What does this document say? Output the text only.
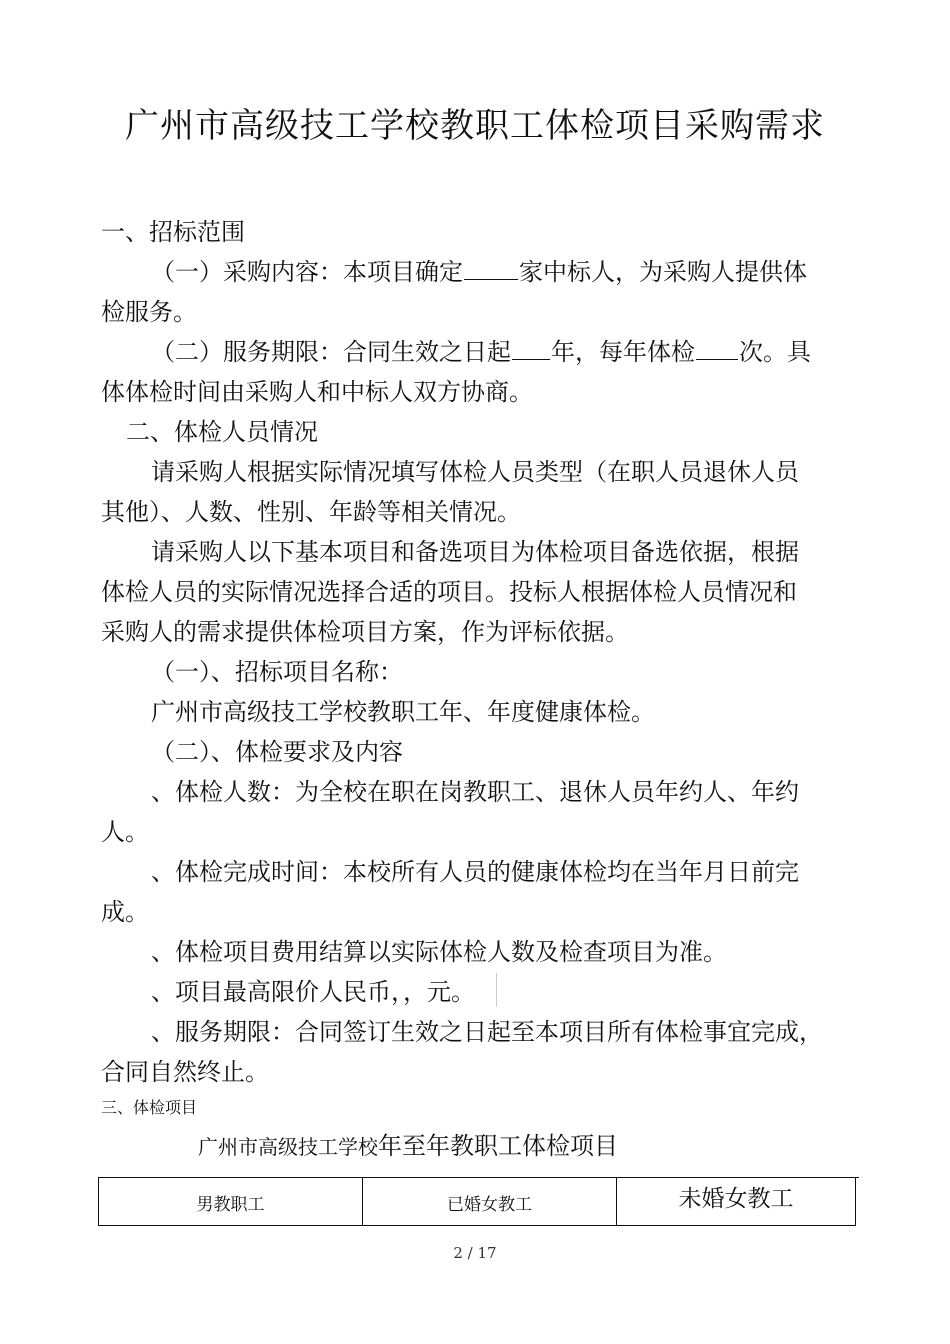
广州市高级技工学校教职工体检项目采购需求
一、招标范围
（一）采购内容：本项目确定 家中标人，为采购人提供体
检服务。
（二）服务期限：合同生效之日起 年，每年体检 次。具
体体检时间由采购人和中标人双方协商。
二、体检人员情况
请采购人根据实际情况填写体检人员类型（在职人员退休人员
其他）、人数、性别、年龄等相关情况。
请采购人以下基本项目和备选项目为体检项目备选依据，根据
体检人员的实际情况选择合适的项目。投标人根据体检人员情况和
采购人的需求提供体检项目方案，作为评标依据。
（一）、招标项目名称：
广州市高级技工学校教职工年、年度健康体检。
（二）、体检要求及内容
、体检人数：为全校在职在岗教职工、退休人员年约人、年约
人。
、体检完成时间：本校所有人员的健康体检均在当年月日前完
成。
、体检项目费用结算以实际体检人数及检查项目为准。
、项目最高限价人民币，，元。
、服务期限：合同签订生效之日起至本项目所有体检事宜完成，
合同自然终止。
三、体检项目
广州市高级技工学校年至年教职工体检项目
男教职工	已婚女教工	未婚女教工
2 / 17
